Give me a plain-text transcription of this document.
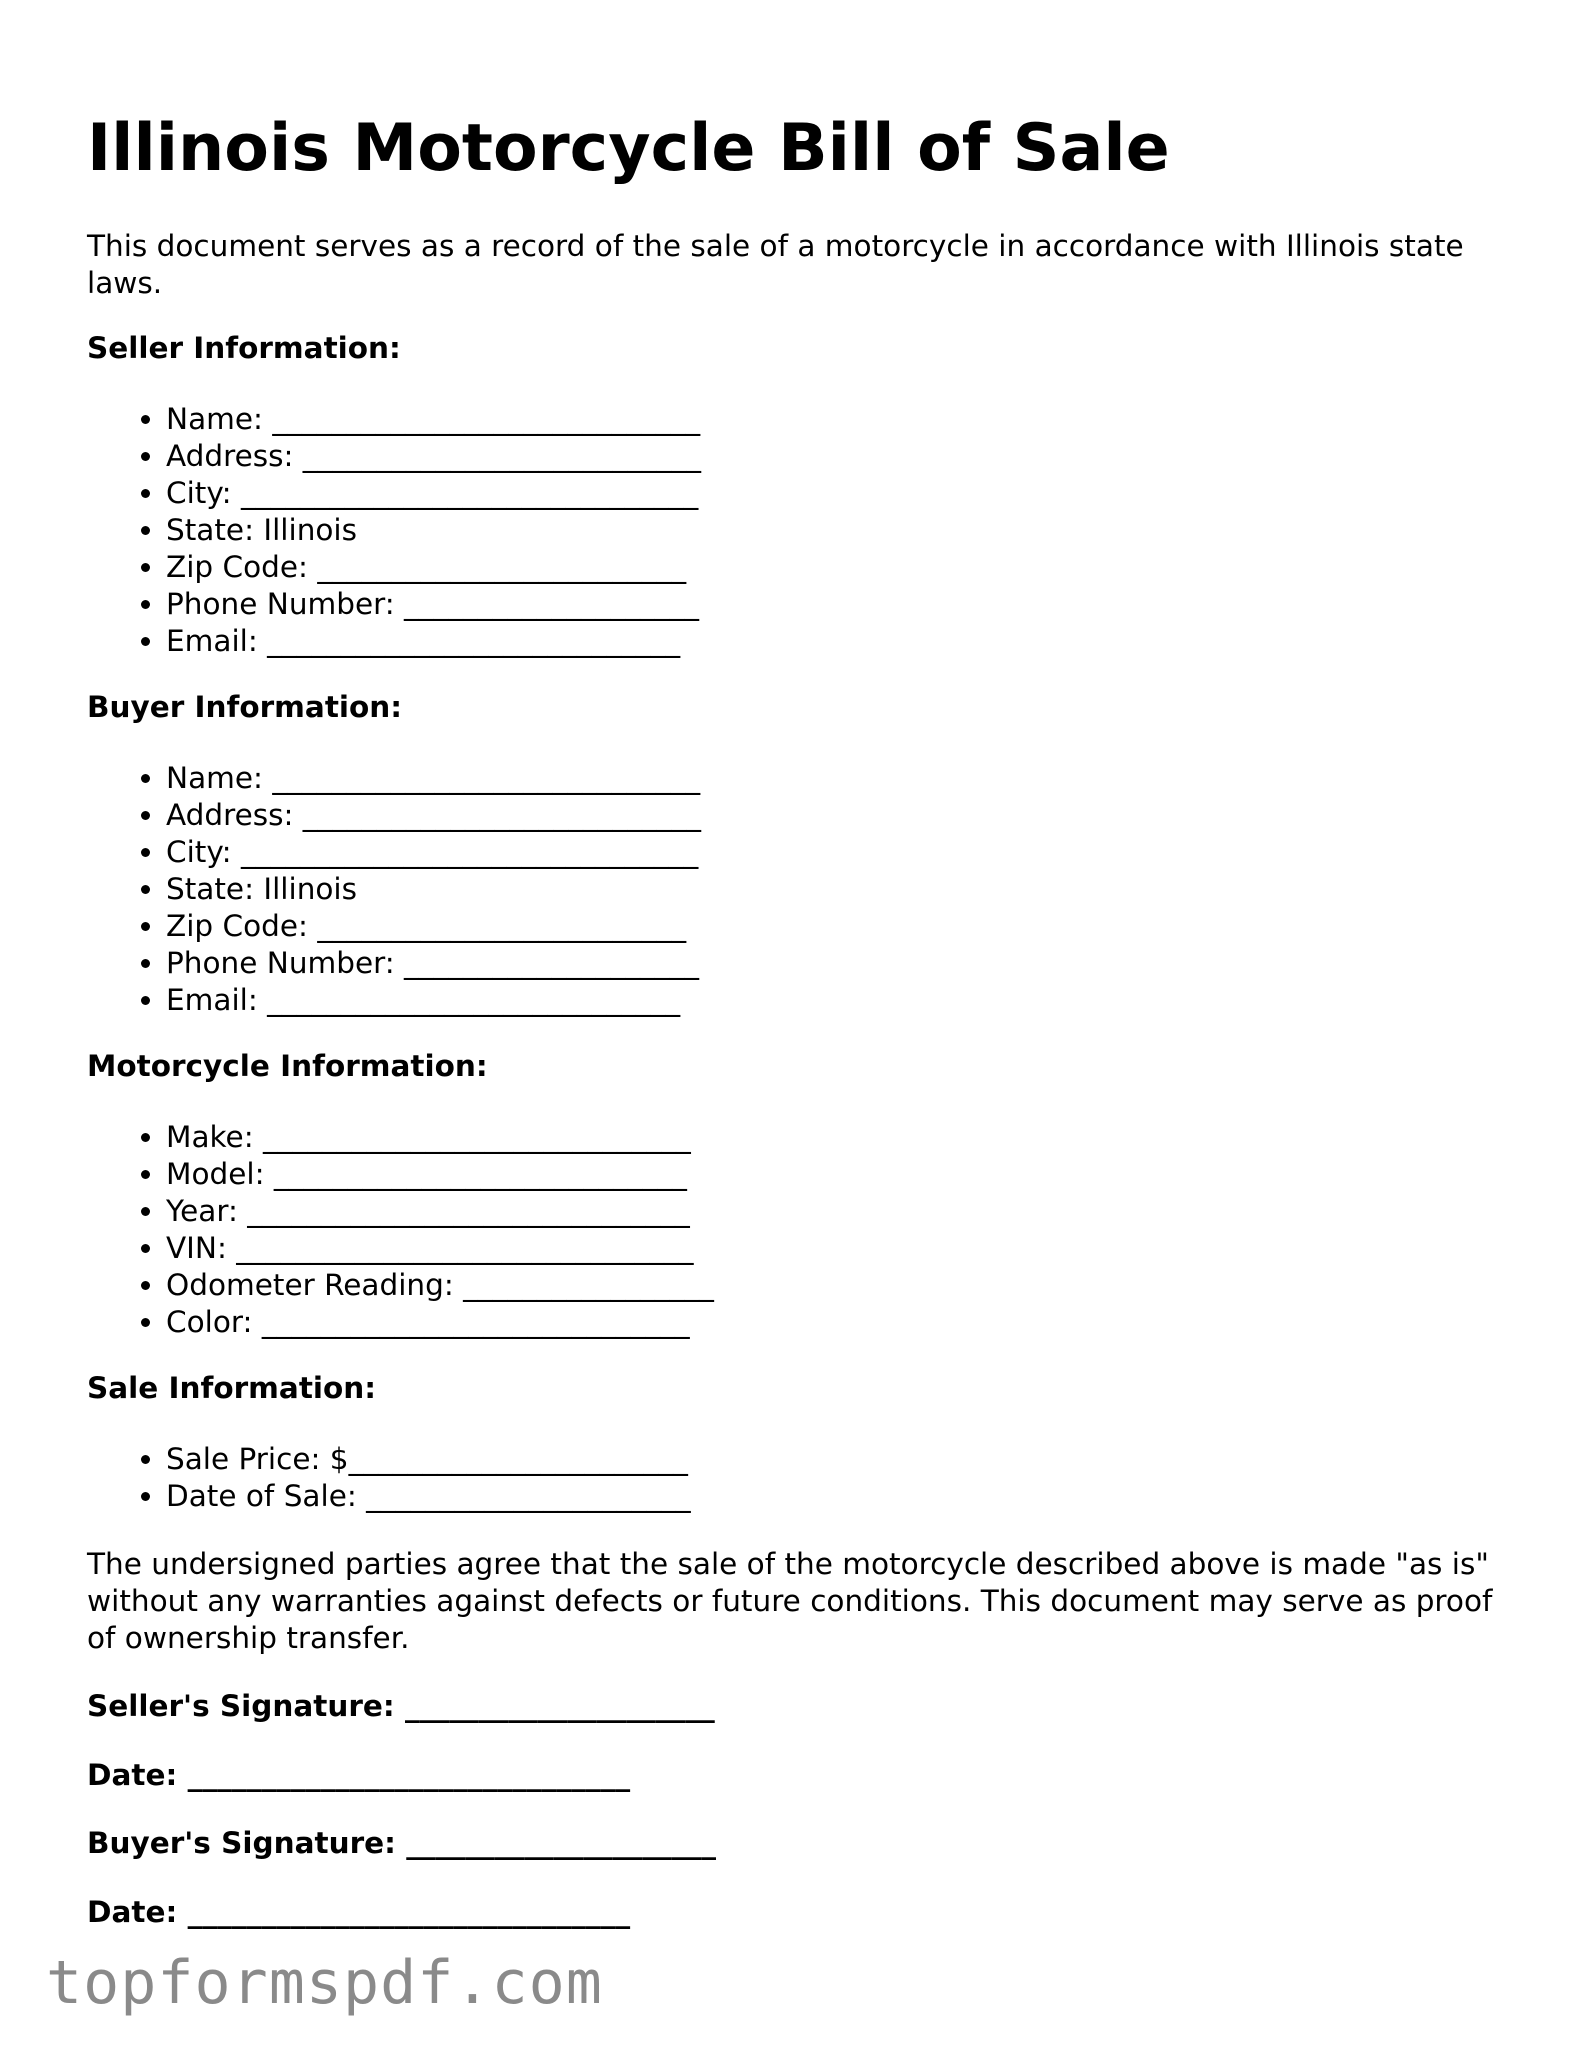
Illinois Motorcycle Bill of Sale

This document serves as a record of the sale of a motorcycle in accordance with Illinois state laws.

Seller Information:

• Name: _____________________________
• Address: ___________________________
• City: _______________________________
• State: Illinois
• Zip Code: _________________________
• Phone Number: ____________________
• Email: ____________________________

Buyer Information:

• Name: _____________________________
• Address: ___________________________
• City: _______________________________
• State: Illinois
• Zip Code: _________________________
• Phone Number: ____________________
• Email: ____________________________

Motorcycle Information:

• Make: _____________________________
• Model: ____________________________
• Year: ______________________________
• VIN: _______________________________
• Odometer Reading: _________________
• Color: _____________________________

Sale Information:

• Sale Price: $_______________________
• Date of Sale: ______________________

The undersigned parties agree that the sale of the motorcycle described above is made "as is" without any warranties against defects or future conditions. This document may serve as proof of ownership transfer.

Seller's Signature: _____________________

Date: ______________________________

Buyer's Signature: _____________________

Date: ______________________________

topformspdf.com
